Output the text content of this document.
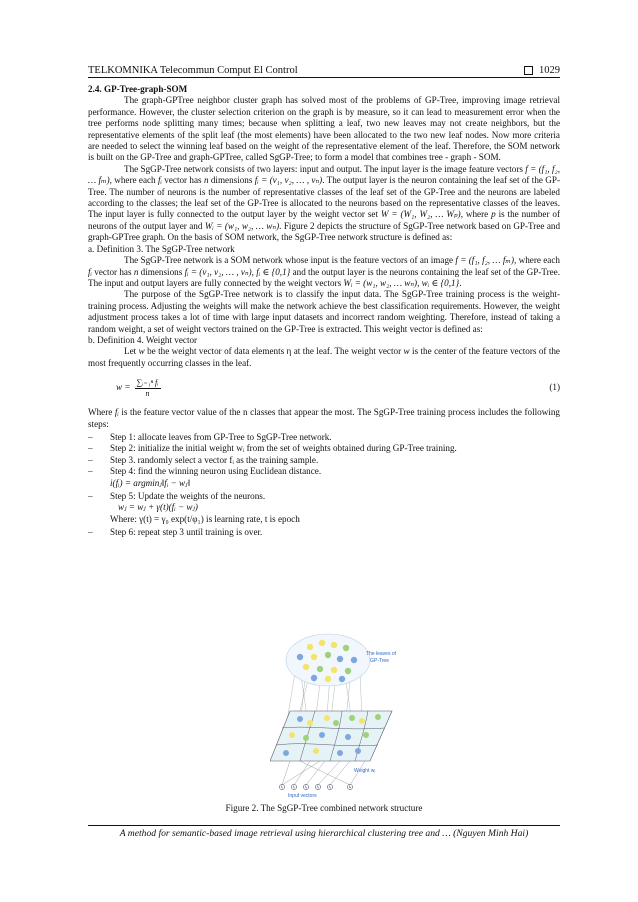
TELKOMNIKA Telecommun Comput El Control	1029

2.4. GP-Tree-graph-SOM

The graph-GPTree neighbor cluster graph has solved most of the problems of GP-Tree, improving image retrieval performance. However, the cluster selection criterion on the graph is by measure, so it can lead to measurement error when the tree performs node splitting many times; because when splitting a leaf, two new leaves may not create neighbors, but the representative elements of the split leaf (the most elements) have been allocated to the two new leaf nodes. Now more criteria are needed to select the winning leaf based on the weight of the representative element of the leaf. Therefore, the SOM network is built on the GP-Tree and graph-GPTree, called SgGP-Tree; to form a model that combines tree - graph - SOM.

The SgGP-Tree network consists of two layers: input and output. The input layer is the image feature vectors f = (f₁, f₂, … fₘ), where each fᵢ vector has n dimensions fᵢ = (v₁, v₂, … , vₙ). The output layer is the neuron containing the leaf set of the GP-Tree. The number of neurons is the number of representative classes of the leaf set of the GP-Tree and the neurons are labeled according to the classes; the leaf set of the GP-Tree is allocated to the neurons based on the representative classes of the leaves. The input layer is fully connected to the output layer by the weight vector set W = (W₁, W₂, … Wₚ), where p is the number of neurons of the output layer and Wᵢ = (w₁, w₂, … wₙ). Figure 2 depicts the structure of SgGP-Tree network based on GP-Tree and graph-GPTree graph. On the basis of SOM network, the SgGP-Tree network structure is defined as:

a. Definition 3. The SgGP-Tree network

The SgGP-Tree network is a SOM network whose input is the feature vectors of an image f = (f₁, f₂, … fₘ), where each fᵢ vector has n dimensions fᵢ = (v₁, v₂, … , vₙ), fᵢ ∈ {0,1} and the output layer is the neurons containing the leaf set of the GP-Tree. The input and output layers are fully connected by the weight vectors Wᵢ = (w₁, w₂, … wₙ), wᵢ ∈ {0,1}.

The purpose of the SgGP-Tree network is to classify the input data. The SgGP-Tree training process is the weight-training process. Adjusting the weights will make the network achieve the best classification requirements. However, the weight adjustment process takes a lot of time with large input datasets and incorrect random weighting. Therefore, instead of taking a random weight, a set of weight vectors trained on the GP-Tree is extracted. This weight vector is defined as:

b. Definition 4. Weight vector

Let w be the weight vector of data elements η at the leaf. The weight vector w is the center of the feature vectors of the most frequently occurring classes in the leaf.

$w = \frac{\text{∑ᵢ₌₁ⁿ fᵢ}}{n}$	(1)

Where fᵢ is the feature vector value of the n classes that appear the most. The SgGP-Tree training process includes the following steps:

–	Step 1: allocate leaves from GP-Tree to SgGP-Tree network.
–	Step 2: initialize the initial weight wᵢ from the set of weights obtained during GP-Tree training.
–	Step 3. randomly select a vector fᵢ as the training sample.
–	Step 4: find the winning neuron using Euclidean distance.

i(fᵢ) = argminⱼ‖fᵢ − wⱼ‖

–	Step 5: Update the weights of the neurons.

wⱼ = wⱼ + γ(t)(fᵢ − wⱼ)

Where: γ(t) = γ₀ exp(t/φ₁) is learning rate, t is epoch

–	Step 6: repeat step 3 until training is over.
The leaves of
GP-Tree
Weight wᵢ
f₁	f₂	f₃	f₄	f₅	fₙ
Input vectors
Figure 2. The SgGP-Tree combined network structure
A method for semantic-based image retrieval using hierarchical clustering tree and … (Nguyen Minh Hai)
